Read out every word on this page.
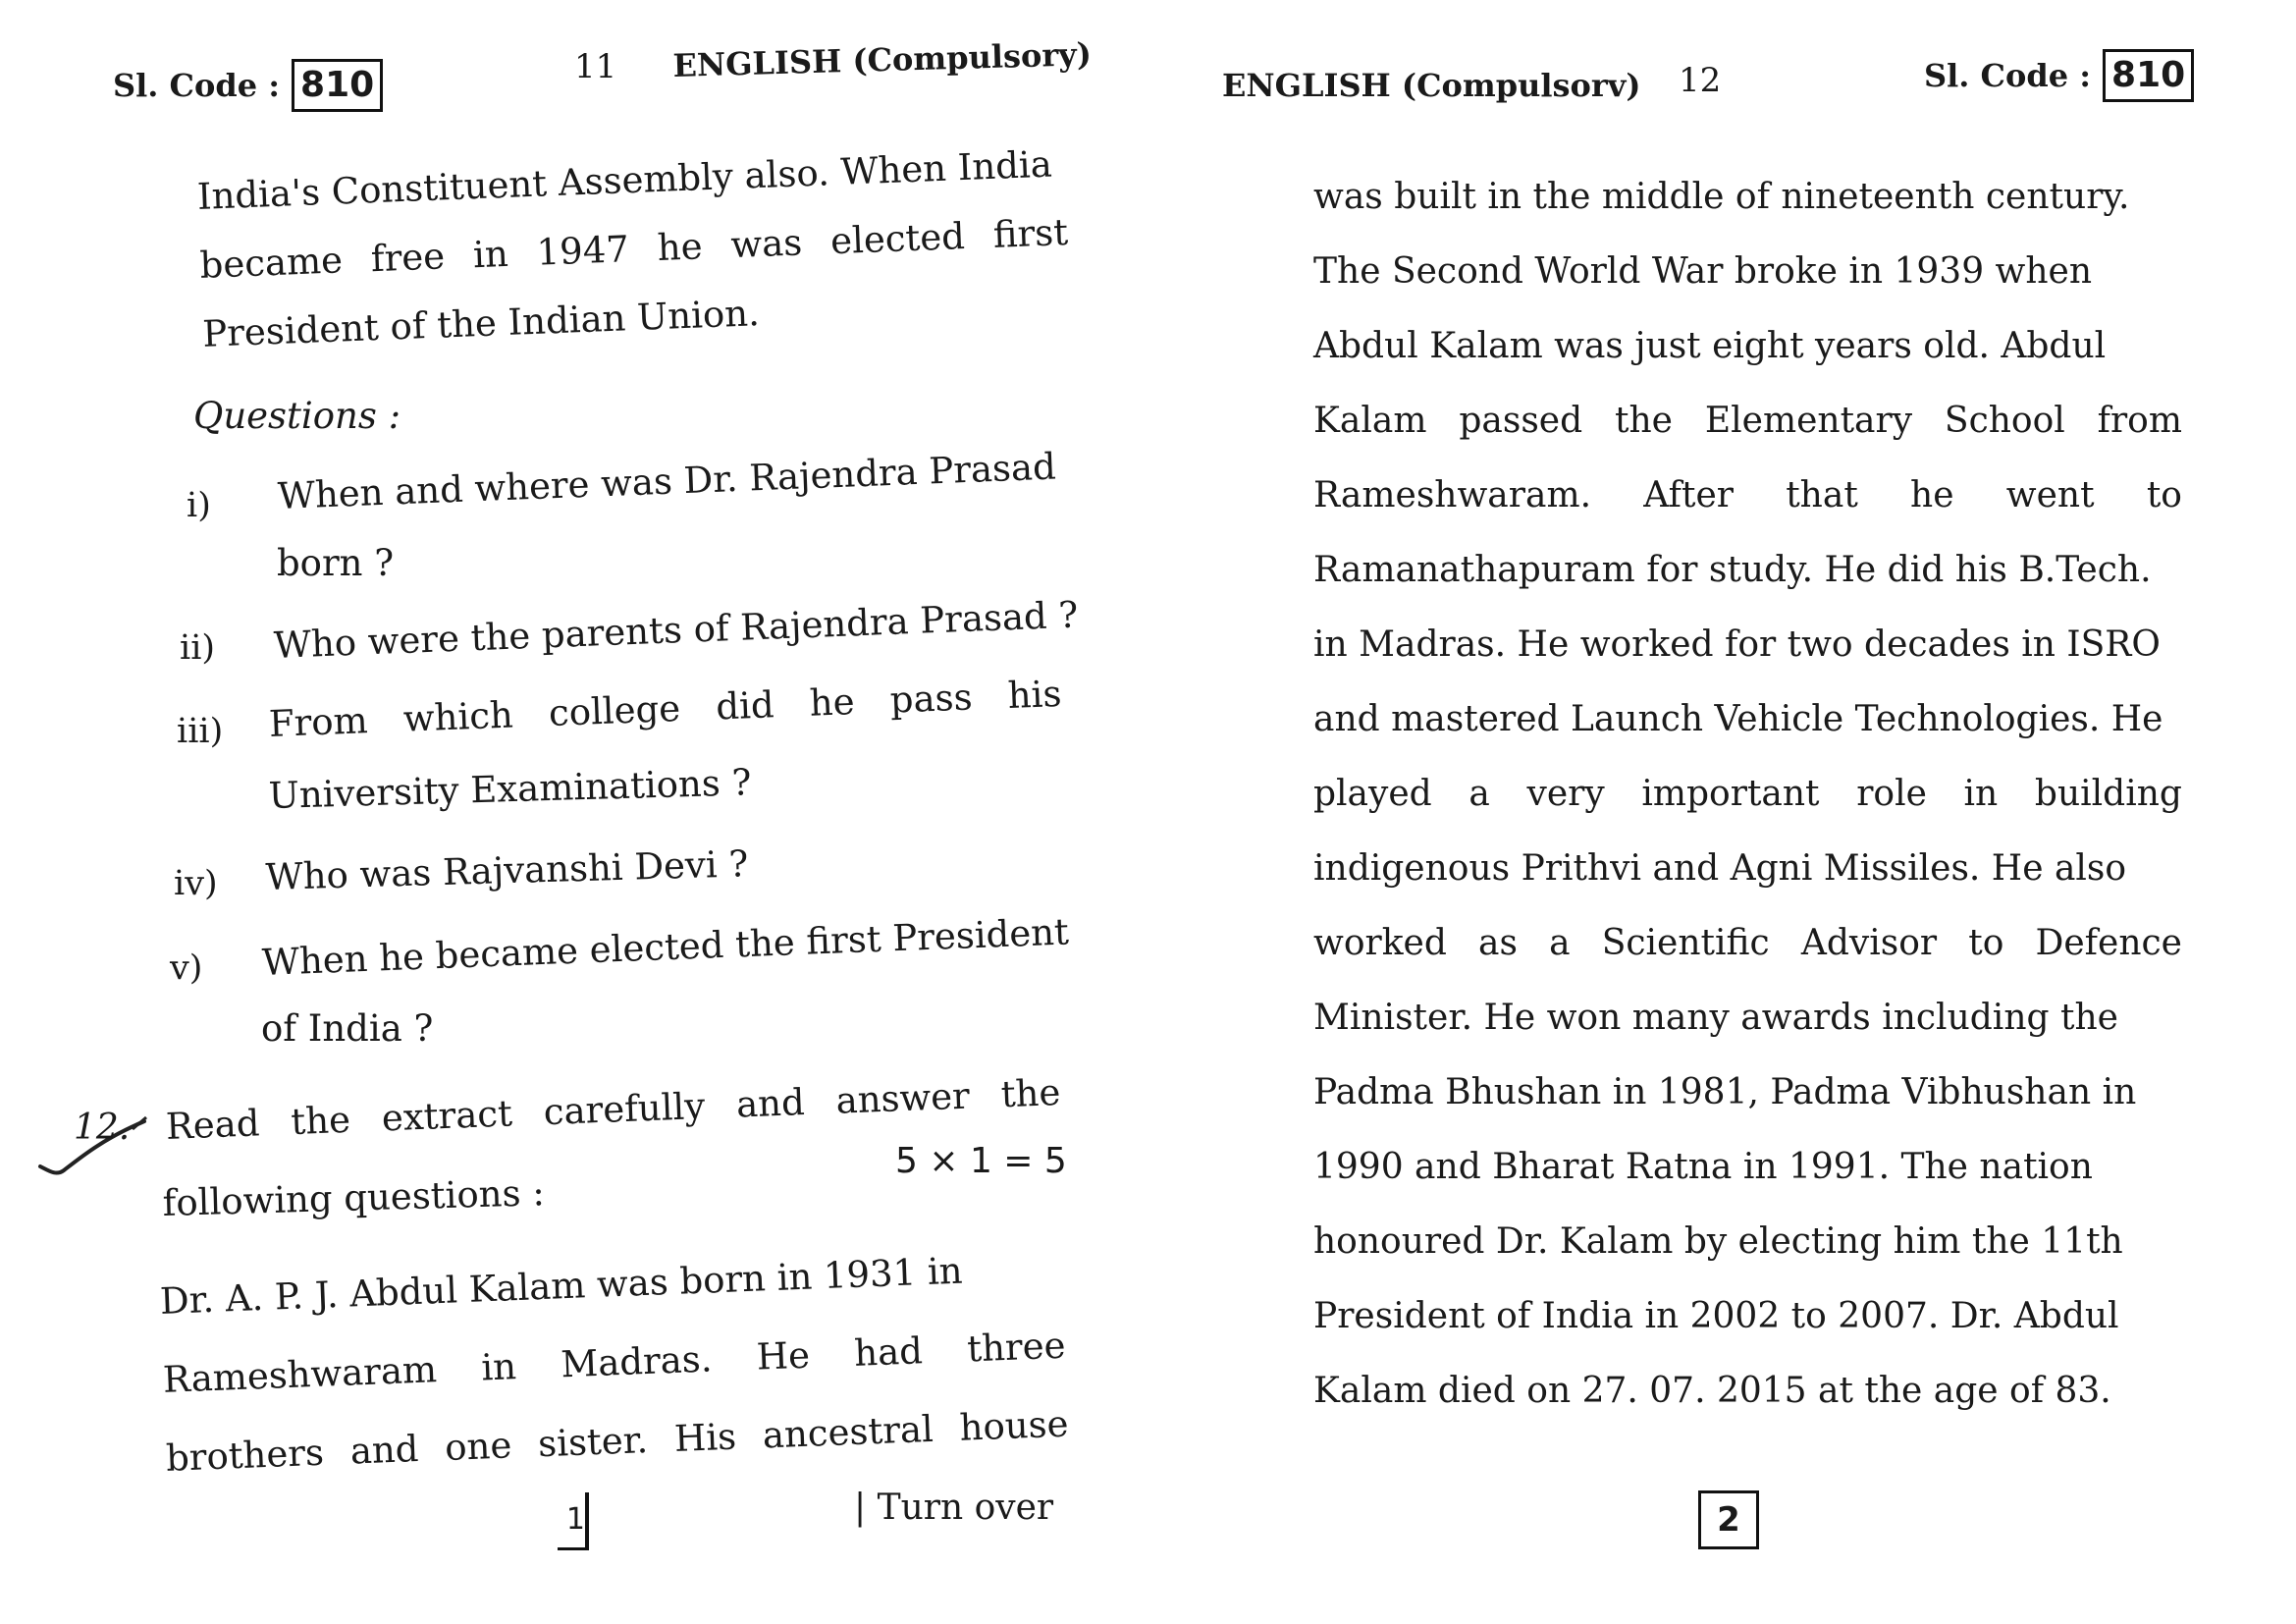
Sl. Code : 810	11 ENGLISH (Compulsory)
India's Constituent Assembly also. When India
became free in 1947 he was elected first
President of the Indian Union.
Questions :
i) When and where was Dr. Rajendra Prasad
born ?
ii) Who were the parents of Rajendra Prasad ?
iii) From which college did he pass his
University Examinations ?
iv) Who was Rajvanshi Devi ?
v) When he became elected the first President
of India ?
12. Read the extract carefully and answer the
following questions :
5 × 1 = 5
Dr. A. P. J. Abdul Kalam was born in 1931 in
Rameshwaram in Madras. He had three
brothers and one sister. His ancestral house
1	| Turn over
ENGLISH (Compulsorv) 12	Sl. Code : 810
was built in the middle of nineteenth century.
The Second World War broke in 1939 when
Abdul Kalam was just eight years old. Abdul
Kalam passed the Elementary School from
Rameshwaram. After that he went to
Ramanathapuram for study. He did his B.Tech.
in Madras. He worked for two decades in ISRO
and mastered Launch Vehicle Technologies. He
played a very important role in building
indigenous Prithvi and Agni Missiles. He also
worked as a Scientific Advisor to Defence
Minister. He won many awards including the
Padma Bhushan in 1981, Padma Vibhushan in
1990 and Bharat Ratna in 1991. The nation
honoured Dr. Kalam by electing him the 11th
President of India in 2002 to 2007. Dr. Abdul
Kalam died on 27. 07. 2015 at the age of 83.
2
